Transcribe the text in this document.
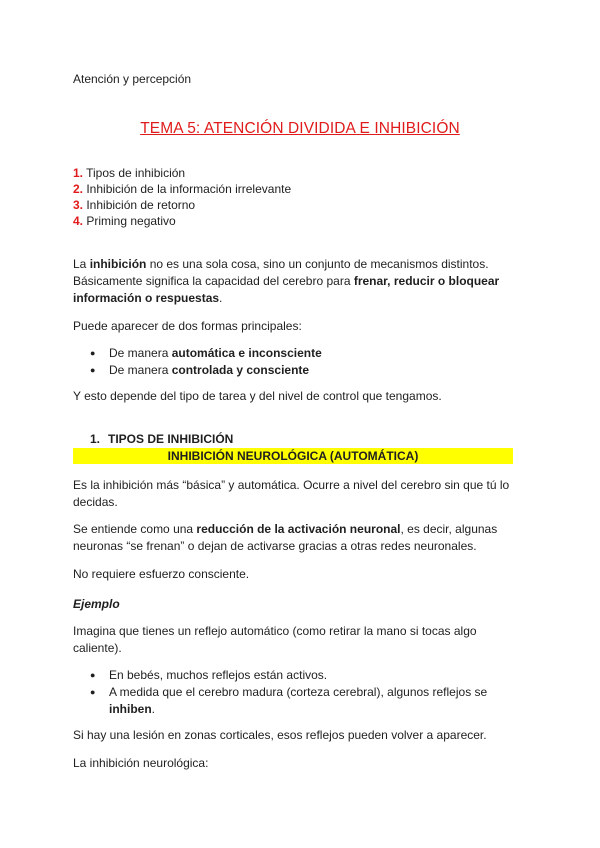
Atención y percepción
TEMA 5: ATENCIÓN DIVIDIDA E INHIBICIÓN
1. Tipos de inhibición
2. Inhibición de la información irrelevante
3. Inhibición de retorno
4. Priming negativo
La inhibición no es una sola cosa, sino un conjunto de mecanismos distintos. Básicamente significa la capacidad del cerebro para frenar, reducir o bloquear información o respuestas.
Puede aparecer de dos formas principales:
● De manera automática e inconsciente
● De manera controlada y consciente
Y esto depende del tipo de tarea y del nivel de control que tengamos.
1. TIPOS DE INHIBICIÓN
INHIBICIÓN NEUROLÓGICA (AUTOMÁTICA)
Es la inhibición más “básica” y automática. Ocurre a nivel del cerebro sin que tú lo decidas.
Se entiende como una reducción de la activación neuronal, es decir, algunas neuronas “se frenan” o dejan de activarse gracias a otras redes neuronales.
No requiere esfuerzo consciente.
Ejemplo
Imagina que tienes un reflejo automático (como retirar la mano si tocas algo caliente).
● En bebés, muchos reflejos están activos.
● A medida que el cerebro madura (corteza cerebral), algunos reflejos se inhiben.
Si hay una lesión en zonas corticales, esos reflejos pueden volver a aparecer.
La inhibición neurológica:
